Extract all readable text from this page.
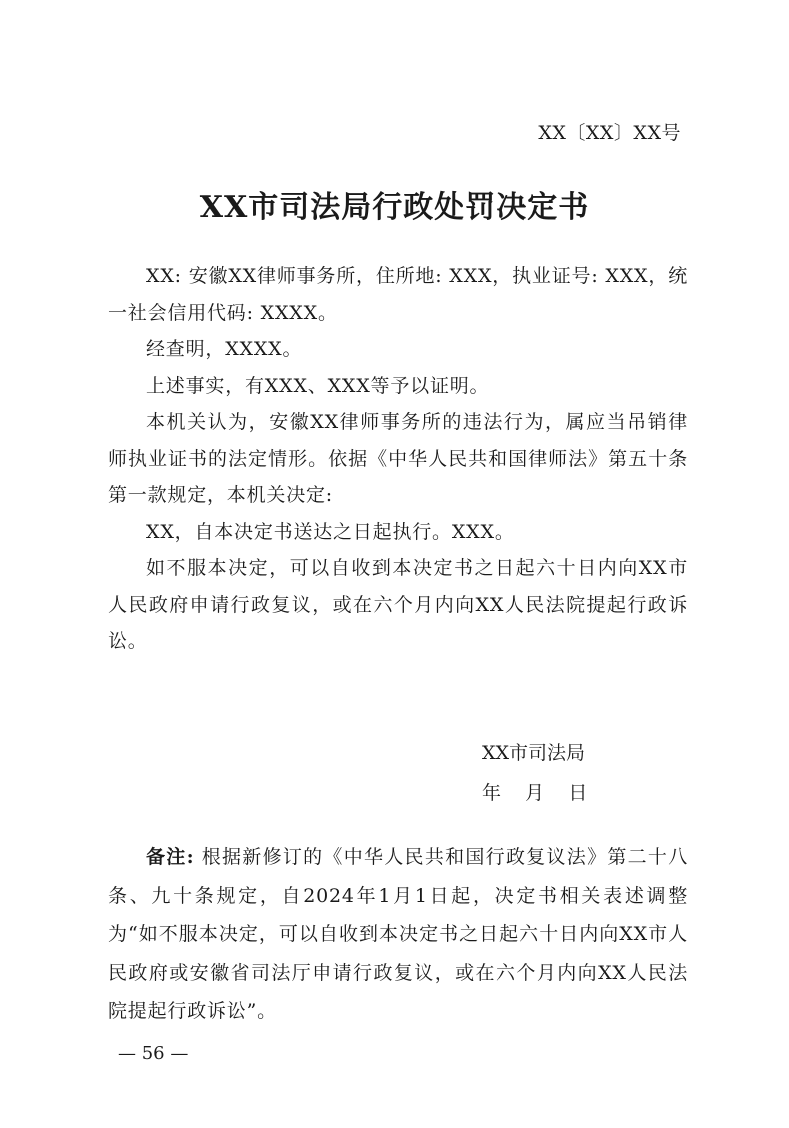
XX〔XX〕XX号
XX市司法局行政处罚决定书

XX: 安徽XX律师事务所，住所地: XXX，执业证号: XXX，统一社会信用代码: XXXX。

经查明，XXXX。

上述事实，有XXX、XXX等予以证明。

本机关认为，安徽XX律师事务所的违法行为，属应当吊销律师执业证书的法定情形。依据《中华人民共和国律师法》第五十条第一款规定，本机关决定:

XX，自本决定书送达之日起执行。XXX。

如不服本决定，可以自收到本决定书之日起六十日内向XX市人民政府申请行政复议，或在六个月内向XX人民法院提起行政诉讼。

XX市司法局
年    月    日

备注: 根据新修订的《中华人民共和国行政复议法》第二十八条、九十条规定，自2024年1月1日起，决定书相关表述调整为“如不服本决定，可以自收到本决定书之日起六十日内向XX市人民政府或安徽省司法厅申请行政复议，或在六个月内向XX人民法院提起行政诉讼”。

— 56 —
